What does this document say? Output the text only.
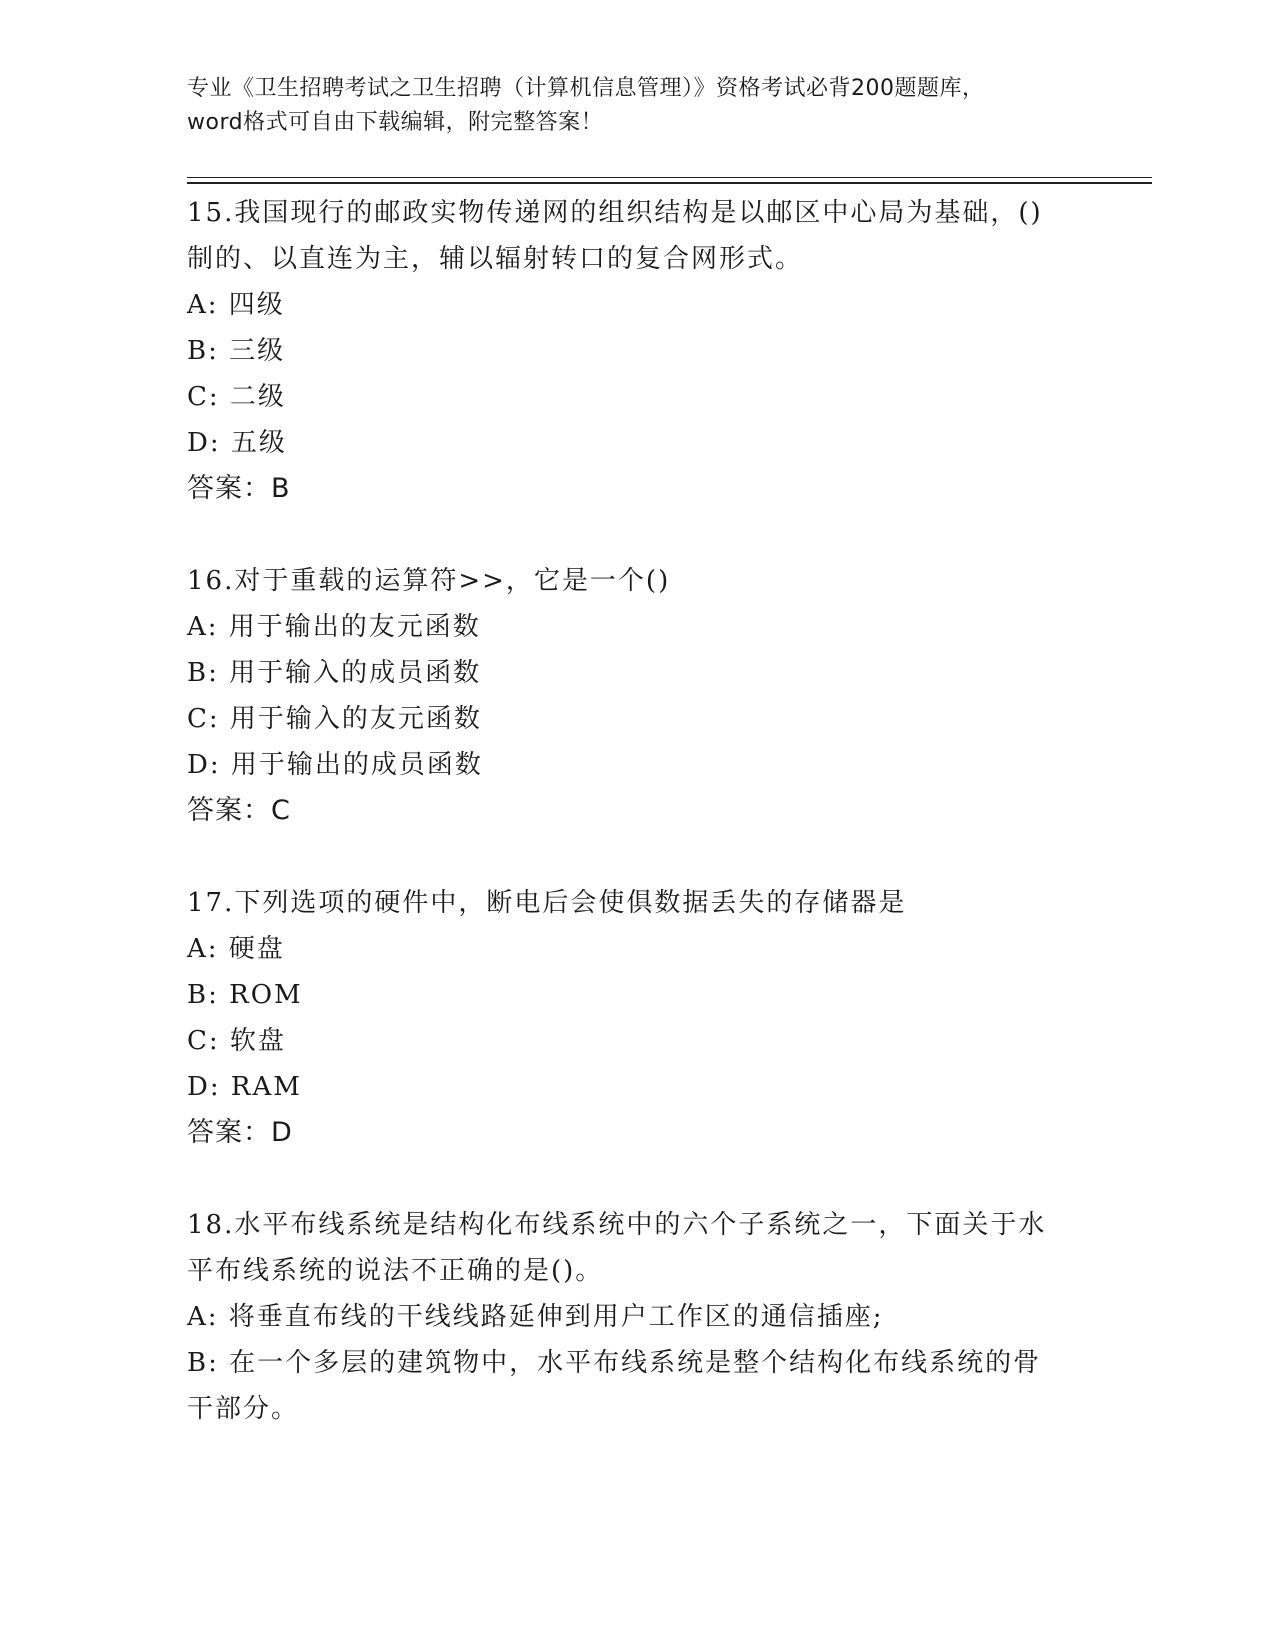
专业《卫生招聘考试之卫生招聘（计算机信息管理）》资格考试必背200题题库，
word格式可自由下载编辑，附完整答案！
15.我国现行的邮政实物传递网的组织结构是以邮区中心局为基础，()
制的、以直连为主，辅以辐射转口的复合网形式。
A: 四级
B: 三级
C: 二级
D: 五级
答案：B
16.对于重载的运算符>>，它是一个()
A: 用于输出的友元函数
B: 用于输入的成员函数
C: 用于输入的友元函数
D: 用于输出的成员函数
答案：C
17.下列选项的硬件中，断电后会使俱数据丢失的存储器是
A: 硬盘
B: ROM
C: 软盘
D: RAM
答案：D
18.水平布线系统是结构化布线系统中的六个子系统之一，下面关于水
平布线系统的说法不正确的是()。
A: 将垂直布线的干线线路延伸到用户工作区的通信插座;
B: 在一个多层的建筑物中，水平布线系统是整个结构化布线系统的骨
干部分。
